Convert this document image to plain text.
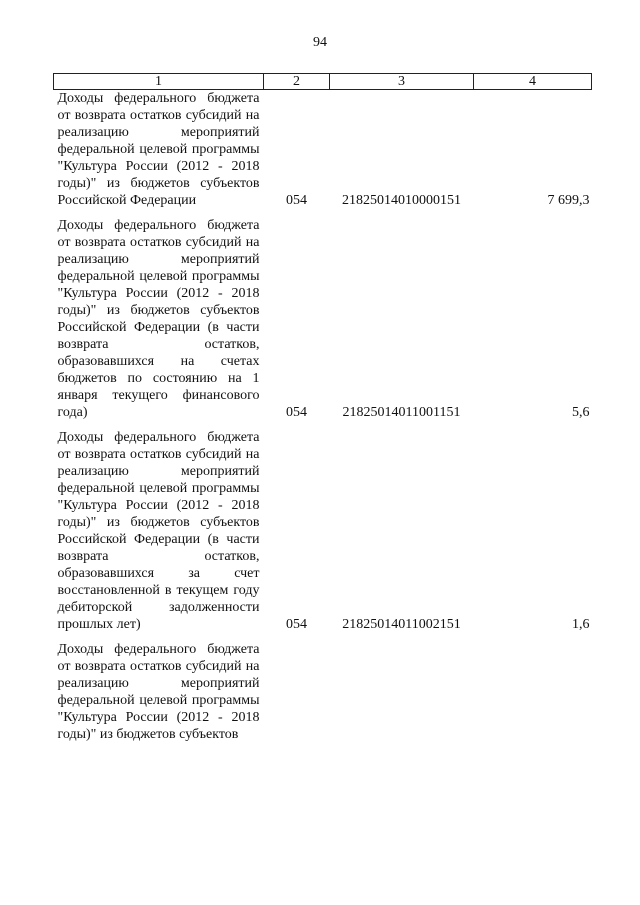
94
1	2	3	4
Доходы федерального бюджета от возврата остатков субсидий на реализацию мероприятий федеральной целевой программы "Культура России (2012 - 2018 годы)" из бюджетов субъектов Российской Федерации	054	21825014010000151	7 699,3

Доходы федерального бюджета от возврата остатков субсидий на реализацию мероприятий федеральной целевой программы "Культура России (2012 - 2018 годы)" из бюджетов субъектов Российской Федерации (в части возврата остатков, образовавшихся на счетах бюджетов по состоянию на 1 января текущего финансового года)	054	21825014011001151	5,6

Доходы федерального бюджета от возврата остатков субсидий на реализацию мероприятий федеральной целевой программы "Культура России (2012 - 2018 годы)" из бюджетов субъектов Российской Федерации (в части возврата остатков, образовавшихся за счет восстановленной в текущем году дебиторской задолженности прошлых лет)	054	21825014011002151	1,6

Доходы федерального бюджета от возврата остатков субсидий на реализацию мероприятий федеральной целевой программы "Культура России (2012 - 2018 годы)" из бюджетов субъектов			
